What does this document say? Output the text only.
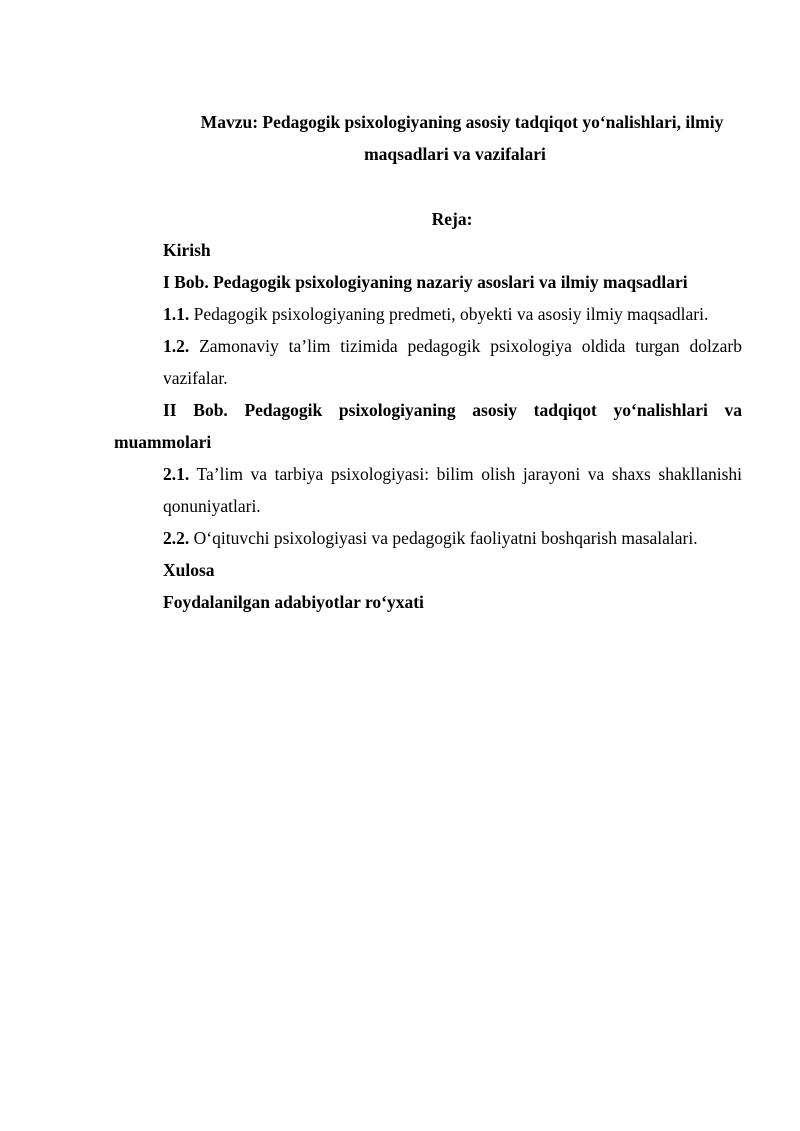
Mavzu: Pedagogik psixologiyaning asosiy tadqiqot yo‘nalishlari, ilmiy
maqsadlari va vazifalari
Reja:
Kirish
I Bob. Pedagogik psixologiyaning nazariy asoslari va ilmiy maqsadlari
1.1. Pedagogik psixologiyaning predmeti, obyekti va asosiy ilmiy maqsadlari.
1.2. Zamonaviy ta’lim tizimida pedagogik psixologiya oldida turgan dolzarb vazifalar.
II Bob. Pedagogik psixologiyaning asosiy tadqiqot yo‘nalishlari va muammolari
2.1. Ta’lim va tarbiya psixologiyasi: bilim olish jarayoni va shaxs shakllanishi qonuniyatlari.
2.2. O‘qituvchi psixologiyasi va pedagogik faoliyatni boshqarish masalalari.
Xulosa
Foydalanilgan adabiyotlar ro‘yxati
